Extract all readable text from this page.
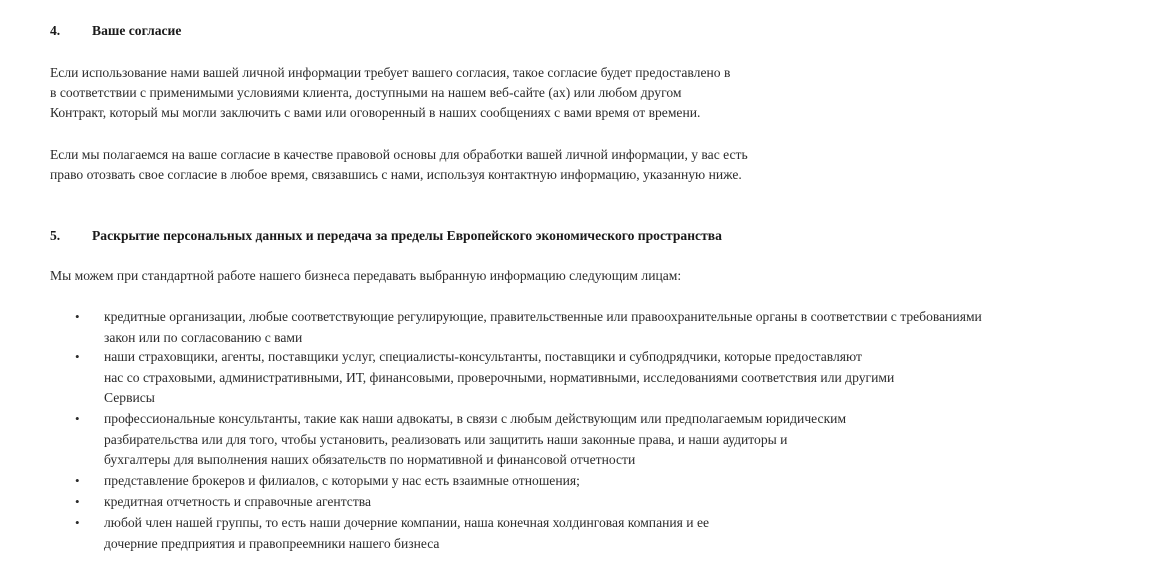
4. Ваше согласие
Если использование нами вашей личной информации требует вашего согласия, такое согласие будет предоставлено в
в соответствии с применимыми условиями клиента, доступными на нашем веб-сайте (ах) или любом другом
Контракт, который мы могли заключить с вами или оговоренный в наших сообщениях с вами время от времени.
Если мы полагаемся на ваше согласие в качестве правовой основы для обработки вашей личной информации, у вас есть
право отозвать свое согласие в любое время, связавшись с нами, используя контактную информацию, указанную ниже.
5. Раскрытие персональных данных и передача за пределы Европейского экономического пространства
Мы можем при стандартной работе нашего бизнеса передавать выбранную информацию следующим лицам:
•	кредитные организации, любые соответствующие регулирующие, правительственные или правоохранительные органы в соответствии с требованиями
закон или по согласованию с вами
•	наши страховщики, агенты, поставщики услуг, специалисты-консультанты, поставщики и субподрядчики, которые предоставляют
нас со страховыми, административными, ИТ, финансовыми, проверочными, нормативными, исследованиями соответствия или другими
Сервисы
•	профессиональные консультанты, такие как наши адвокаты, в связи с любым действующим или предполагаемым юридическим
разбирательства или для того, чтобы установить, реализовать или защитить наши законные права, и наши аудиторы и
бухгалтеры для выполнения наших обязательств по нормативной и финансовой отчетности
•	представление брокеров и филиалов, с которыми у нас есть взаимные отношения;
•	кредитная отчетность и справочные агентства
•	любой член нашей группы, то есть наши дочерние компании, наша конечная холдинговая компания и ее
дочерние предприятия и правопреемники нашего бизнеса
